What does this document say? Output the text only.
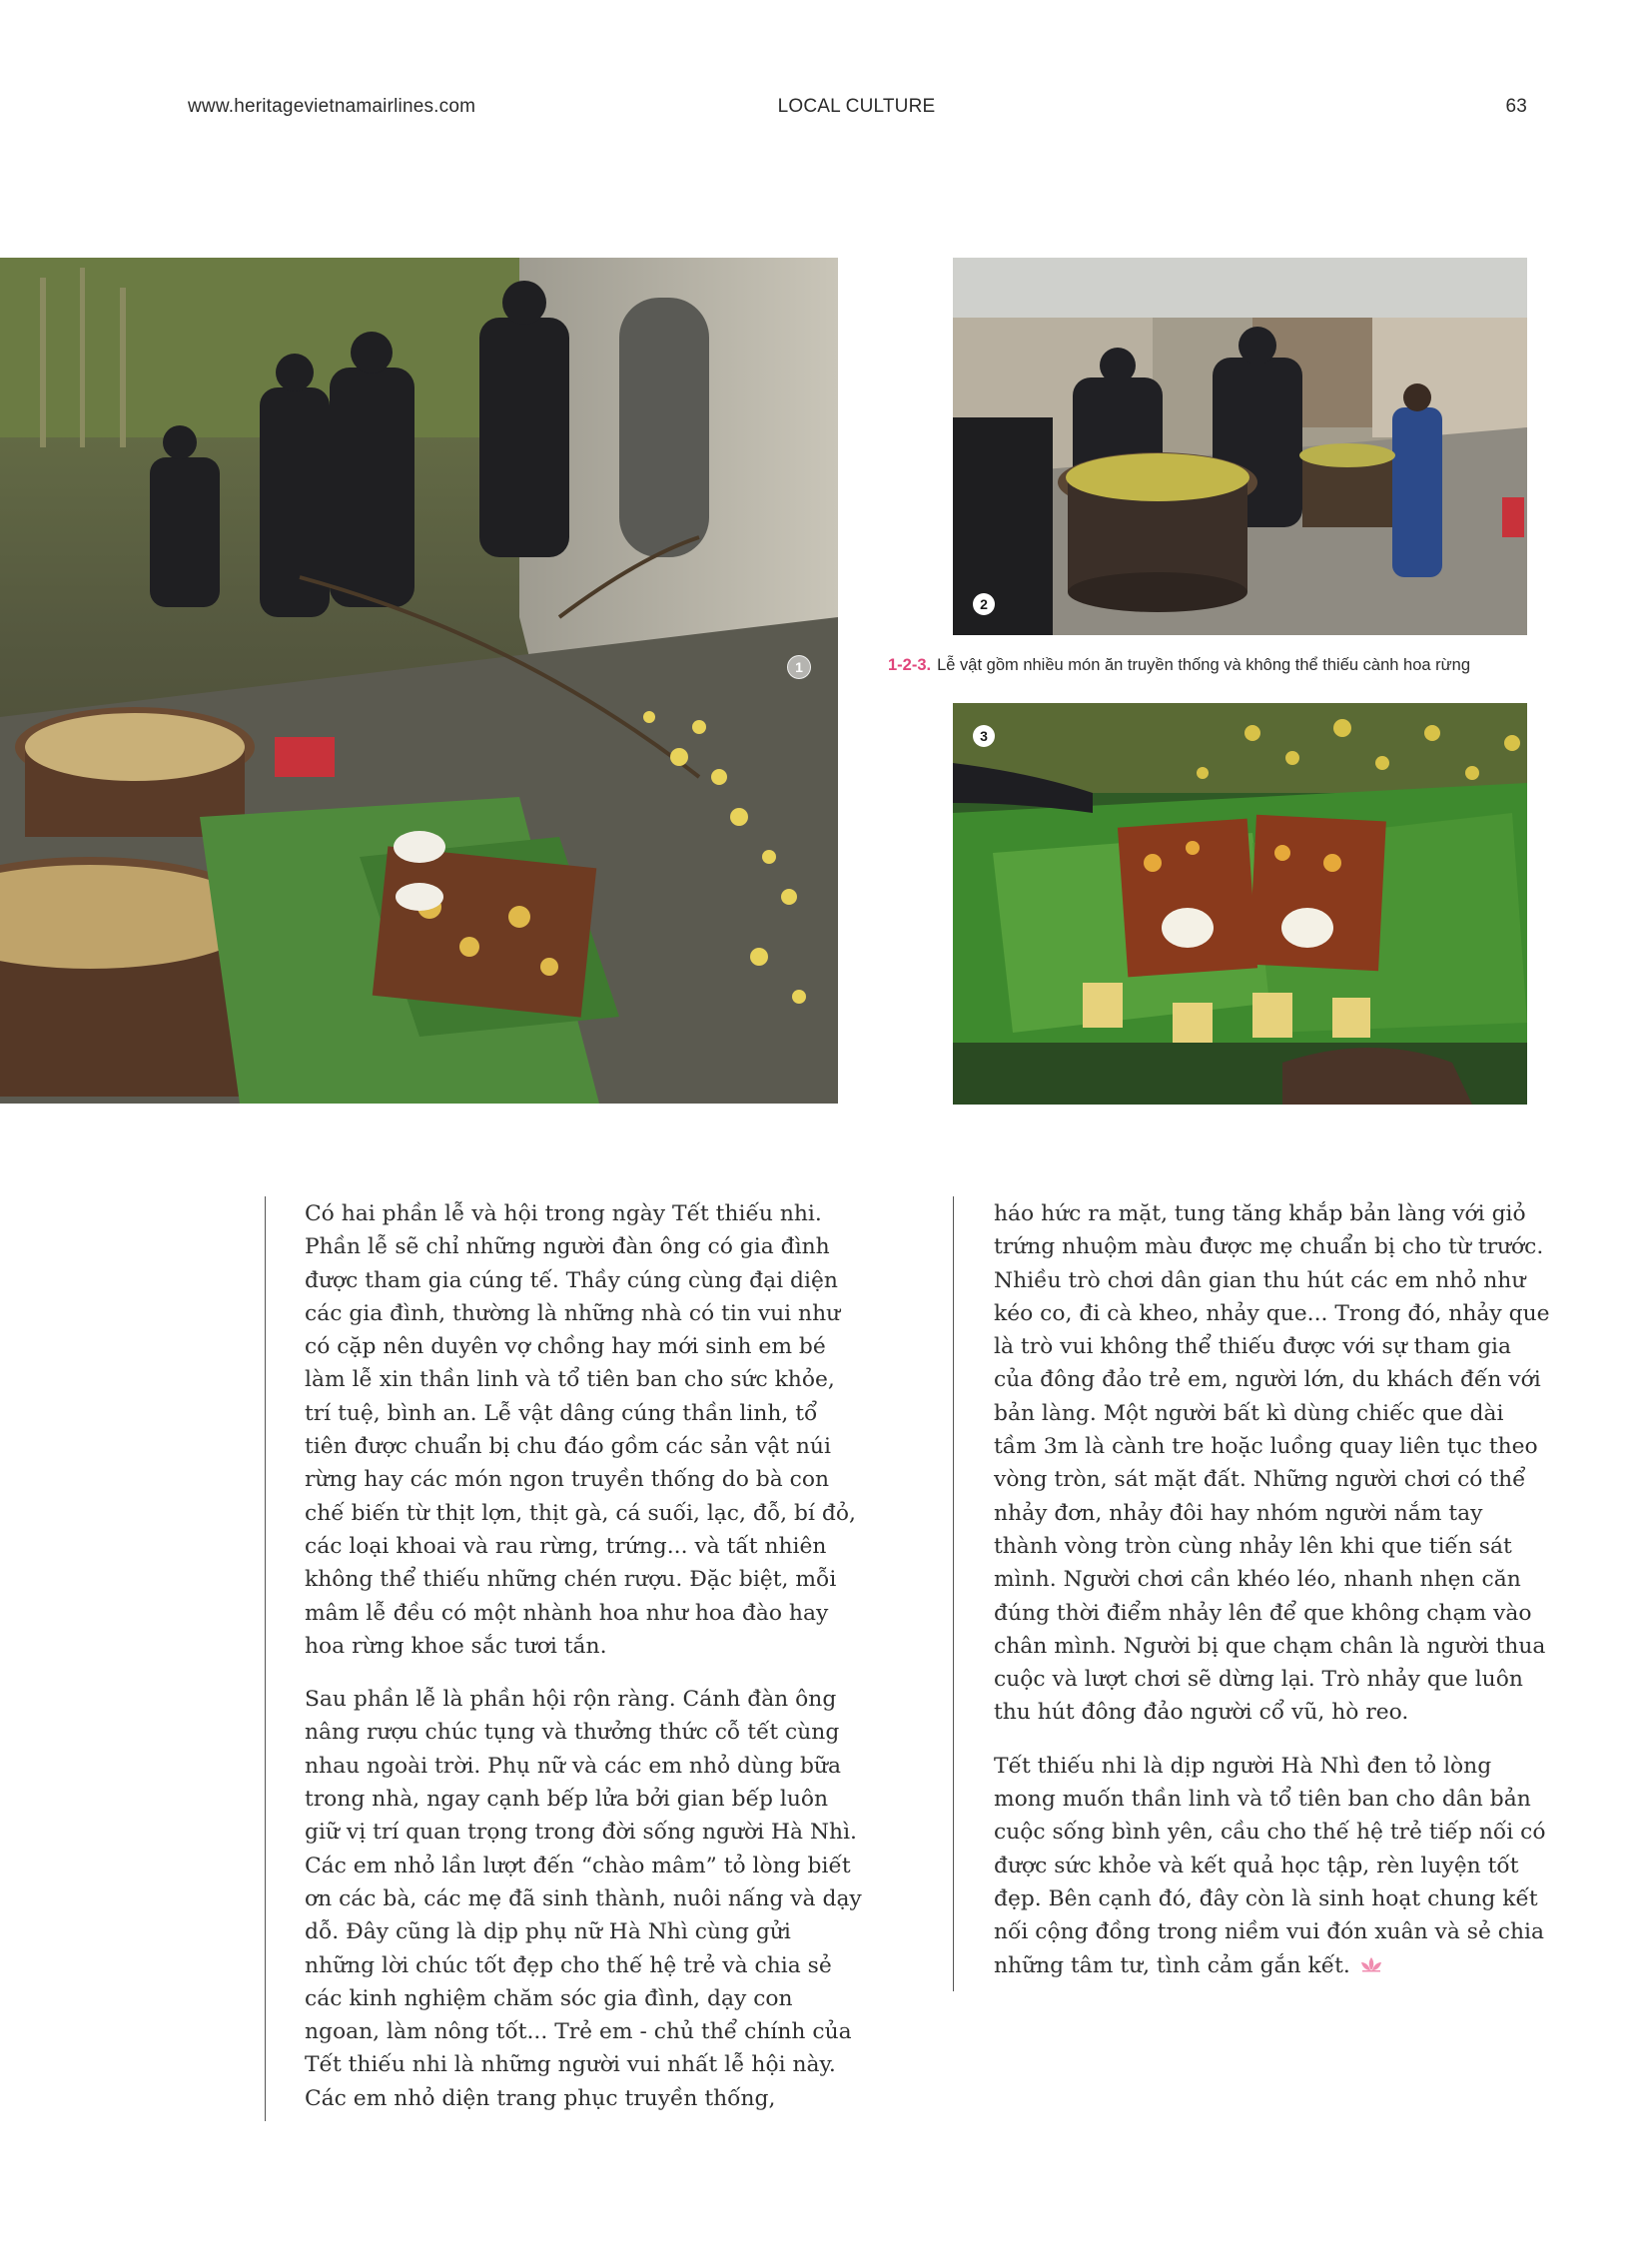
www.heritagevietnamairlines.com	LOCAL CULTURE	63
1
2
1-2-3. Lễ vật gồm nhiều món ăn truyền thống và không thể thiếu cành hoa rừng
3

Có hai phần lễ và hội trong ngày Tết thiếu nhi. Phần lễ sẽ chỉ những người đàn ông có gia đình được tham gia cúng tế. Thầy cúng cùng đại diện các gia đình, thường là những nhà có tin vui như có cặp nên duyên vợ chồng hay mới sinh em bé làm lễ xin thần linh và tổ tiên ban cho sức khỏe, trí tuệ, bình an. Lễ vật dâng cúng thần linh, tổ tiên được chuẩn bị chu đáo gồm các sản vật núi rừng hay các món ngon truyền thống do bà con chế biến từ thịt lợn, thịt gà, cá suối, lạc, đỗ, bí đỏ, các loại khoai và rau rừng, trứng... và tất nhiên không thể thiếu những chén rượu. Đặc biệt, mỗi mâm lễ đều có một nhành hoa như hoa đào hay hoa rừng khoe sắc tươi tắn.

Sau phần lễ là phần hội rộn ràng. Cánh đàn ông nâng rượu chúc tụng và thưởng thức cỗ tết cùng nhau ngoài trời. Phụ nữ và các em nhỏ dùng bữa trong nhà, ngay cạnh bếp lửa bởi gian bếp luôn giữ vị trí quan trọng trong đời sống người Hà Nhì. Các em nhỏ lần lượt đến “chào mâm” tỏ lòng biết ơn các bà, các mẹ đã sinh thành, nuôi nấng và dạy dỗ. Đây cũng là dịp phụ nữ Hà Nhì cùng gửi những lời chúc tốt đẹp cho thế hệ trẻ và chia sẻ các kinh nghiệm chăm sóc gia đình, dạy con ngoan, làm nông tốt... Trẻ em - chủ thể chính của Tết thiếu nhi là những người vui nhất lễ hội này. Các em nhỏ diện trang phục truyền thống,

háo hức ra mặt, tung tăng khắp bản làng với giỏ trứng nhuộm màu được mẹ chuẩn bị cho từ trước. Nhiều trò chơi dân gian thu hút các em nhỏ như kéo co, đi cà kheo, nhảy que... Trong đó, nhảy que là trò vui không thể thiếu được với sự tham gia của đông đảo trẻ em, người lớn, du khách đến với bản làng. Một người bất kì dùng chiếc que dài tầm 3m là cành tre hoặc luồng quay liên tục theo vòng tròn, sát mặt đất. Những người chơi có thể nhảy đơn, nhảy đôi hay nhóm người nắm tay thành vòng tròn cùng nhảy lên khi que tiến sát mình. Người chơi cần khéo léo, nhanh nhẹn căn đúng thời điểm nhảy lên để que không chạm vào chân mình. Người bị que chạm chân là người thua cuộc và lượt chơi sẽ dừng lại. Trò nhảy que luôn thu hút đông đảo người cổ vũ, hò reo.

Tết thiếu nhi là dịp người Hà Nhì đen tỏ lòng mong muốn thần linh và tổ tiên ban cho dân bản cuộc sống bình yên, cầu cho thế hệ trẻ tiếp nối có được sức khỏe và kết quả học tập, rèn luyện tốt đẹp. Bên cạnh đó, đây còn là sinh hoạt chung kết nối cộng đồng trong niềm vui đón xuân và sẻ chia những tâm tư, tình cảm gắn kết.
